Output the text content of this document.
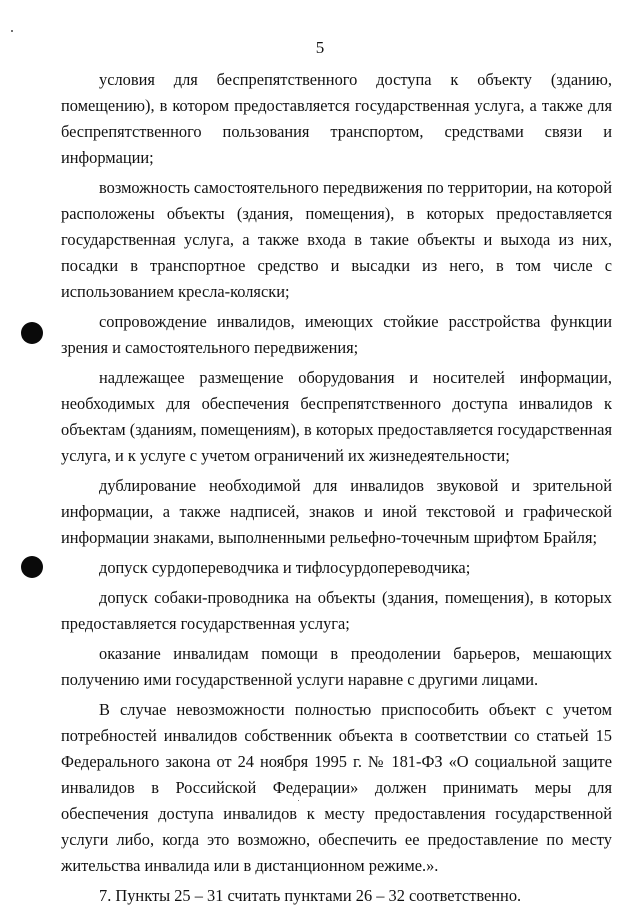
5

условия для беспрепятственного доступа к объекту (зданию, помещению), в котором предоставляется государственная услуга, а также для беспрепятственного пользования транспортом, средствами связи и информации;

возможность самостоятельного передвижения по территории, на которой расположены объекты (здания, помещения), в которых предоставляется государственная услуга, а также входа в такие объекты и выхода из них, посадки в транспортное средство и высадки из него, в том числе с использованием кресла-коляски;

сопровождение инвалидов, имеющих стойкие расстройства функции зрения и самостоятельного передвижения;

надлежащее размещение оборудования и носителей информации, необходимых для обеспечения беспрепятственного доступа инвалидов к объектам (зданиям, помещениям), в которых предоставляется государственная услуга, и к услуге с учетом ограничений их жизнедеятельности;

дублирование необходимой для инвалидов звуковой и зрительной информации, а также надписей, знаков и иной текстовой и графической информации знаками, выполненными рельефно-точечным шрифтом Брайля;

допуск сурдопереводчика и тифлосурдопереводчика;

допуск собаки-проводника на объекты (здания, помещения), в которых предоставляется государственная услуга;

оказание инвалидам помощи в преодолении барьеров, мешающих получению ими государственной услуги наравне с другими лицами.

В случае невозможности полностью приспособить объект с учетом потребностей инвалидов собственник объекта в соответствии со статьей 15 Федерального закона от 24 ноября 1995 г. № 181-ФЗ «О социальной защите инвалидов в Российской Федерации» должен принимать меры для обеспечения доступа инвалидов к месту предоставления государственной услуги либо, когда это возможно, обеспечить ее предоставление по месту жительства инвалида или в дистанционном режиме.».

7. Пункты 25 – 31 считать пунктами 26 – 32 соответственно.
